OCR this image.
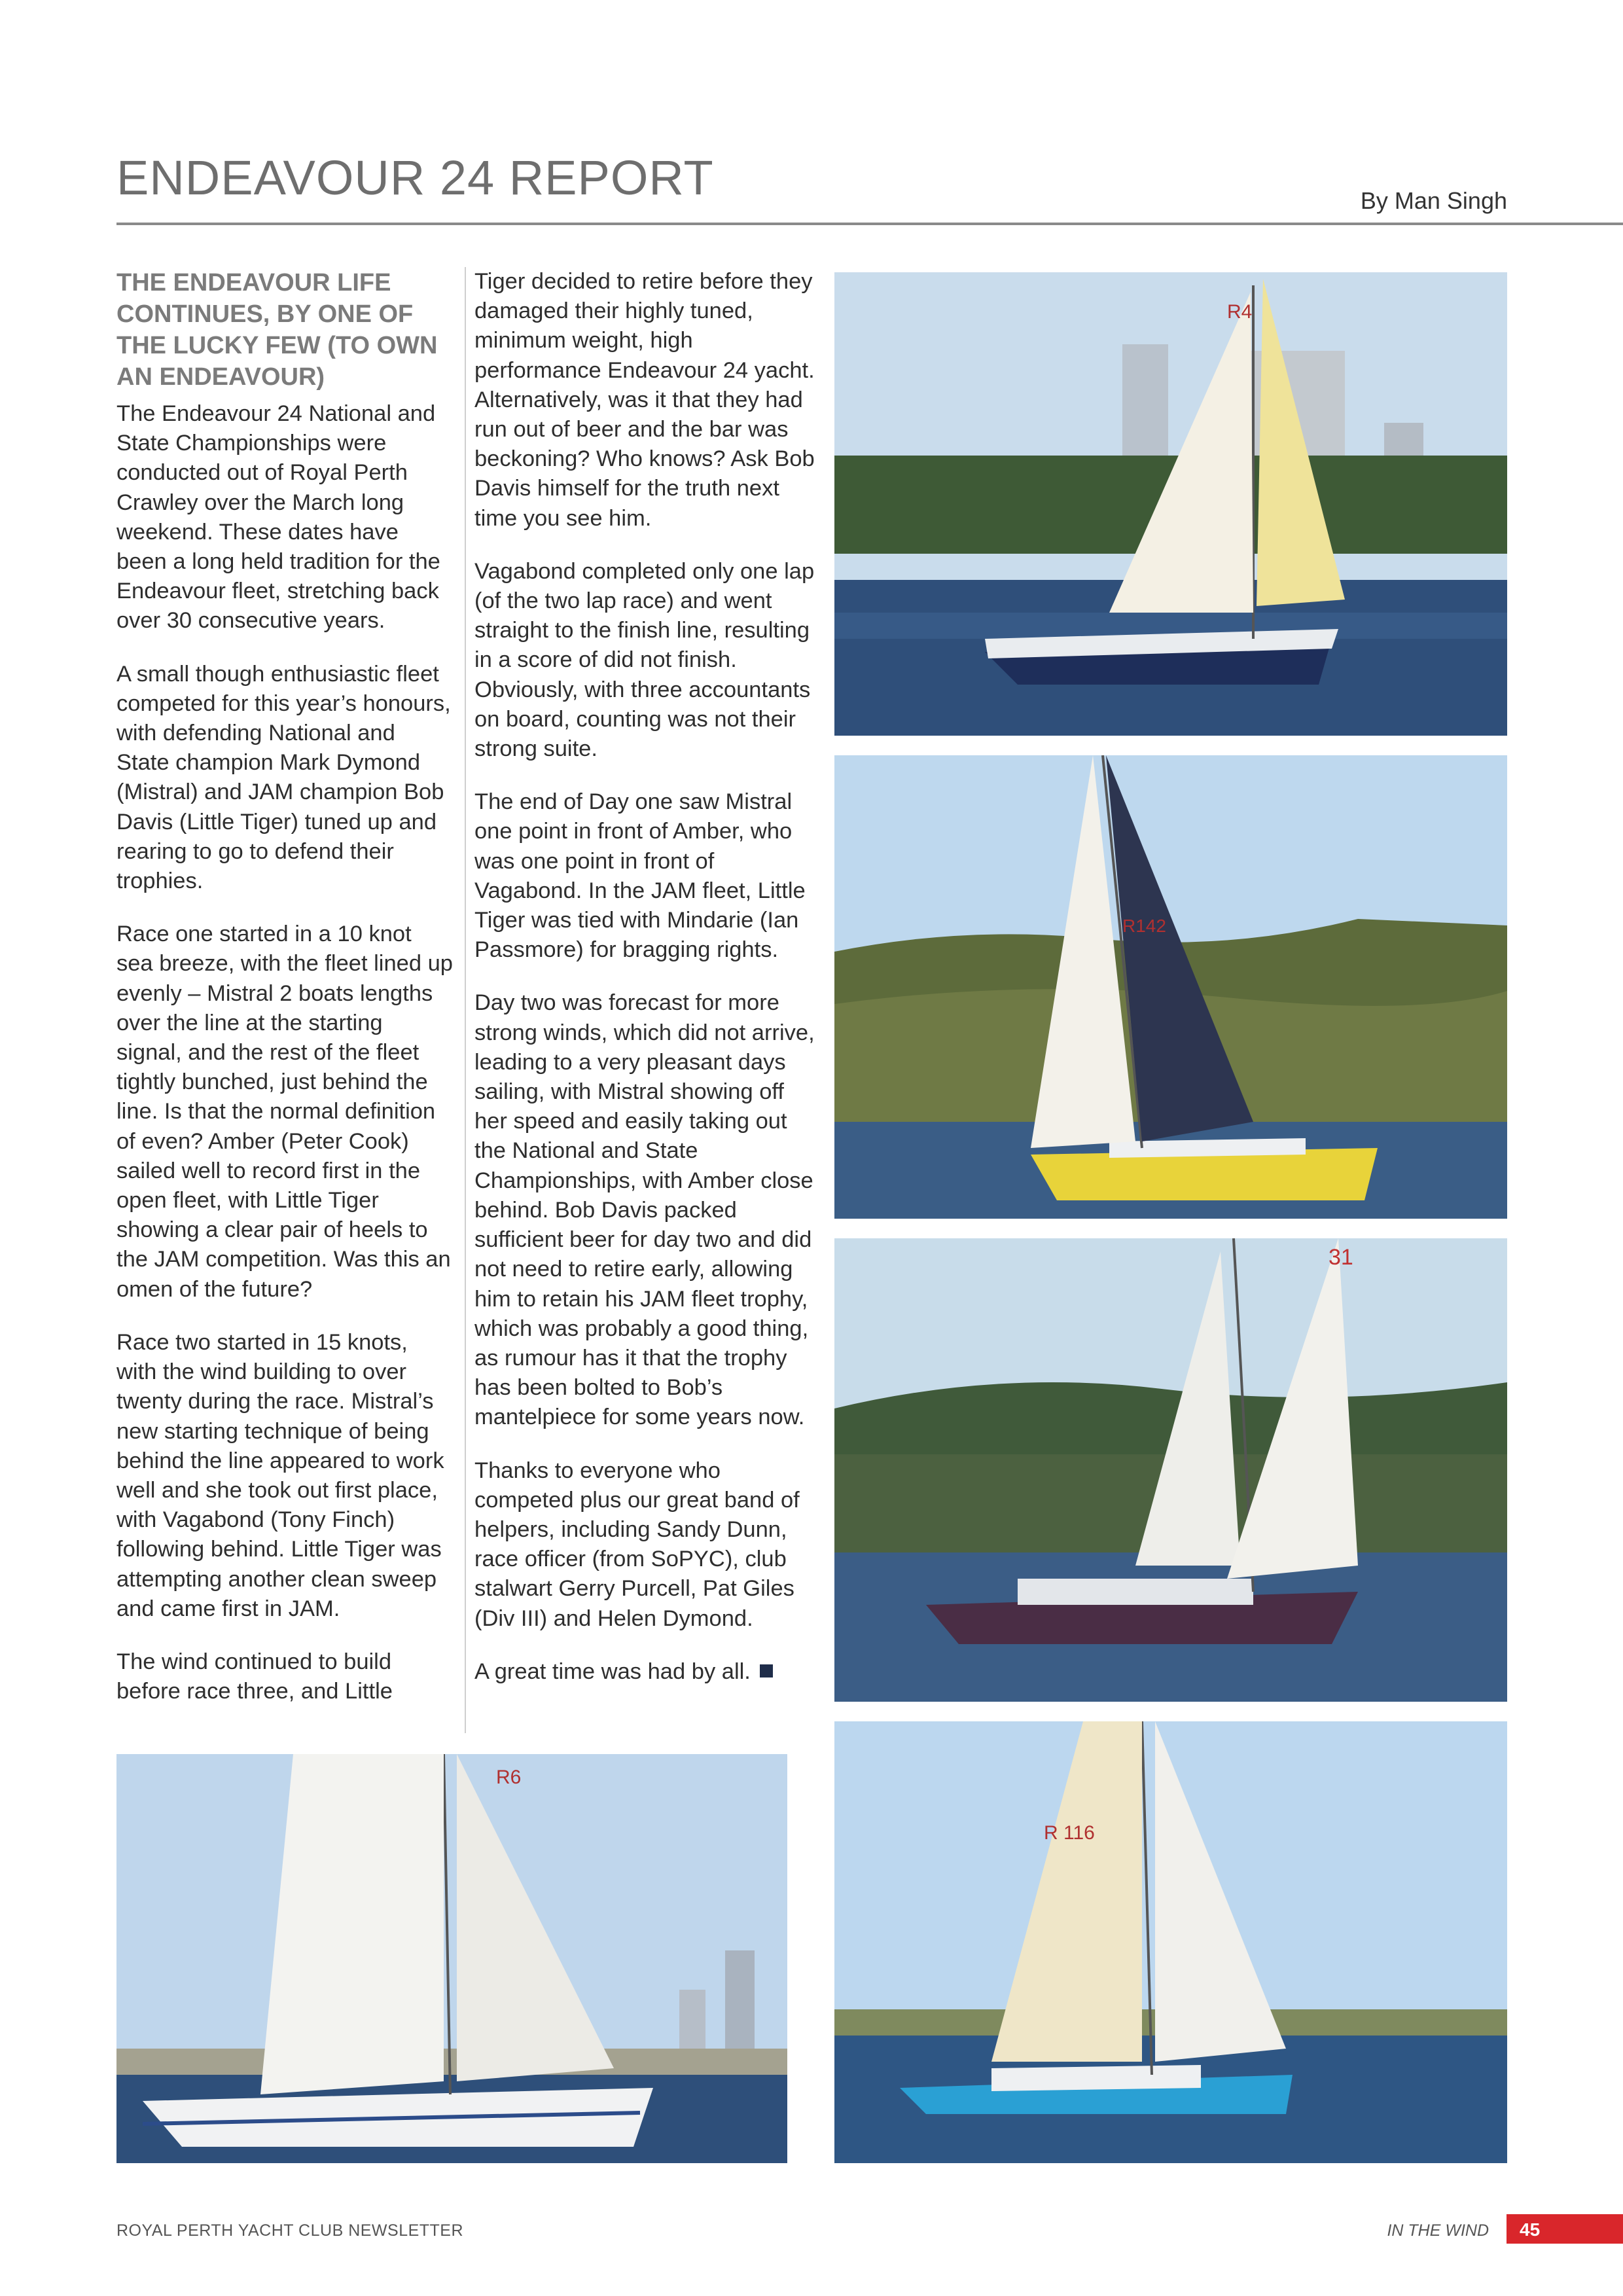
ENDEAVOUR 24 REPORT	By Man Singh
THE ENDEAVOUR LIFE CONTINUES, BY ONE OF THE LUCKY FEW (TO OWN AN ENDEAVOUR)

The Endeavour 24 National and State Championships were conducted out of Royal Perth Crawley over the March long weekend. These dates have been a long held tradition for the Endeavour fleet, stretching back over 30 consecutive years.

A small though enthusiastic fleet competed for this year’s honours, with defending National and State champion Mark Dymond (Mistral) and JAM champion Bob Davis (Little Tiger) tuned up and rearing to go to defend their trophies.

Race one started in a 10 knot sea breeze, with the fleet lined up evenly – Mistral 2 boats lengths over the line at the starting signal, and the rest of the fleet tightly bunched, just behind the line. Is that the normal definition of even? Amber (Peter Cook) sailed well to record first in the open fleet, with Little Tiger showing a clear pair of heels to the JAM competition. Was this an omen of the future?

Race two started in 15 knots, with the wind building to over twenty during the race. Mistral’s new starting technique of being behind the line appeared to work well and she took out first place, with Vagabond (Tony Finch) following behind. Little Tiger was attempting another clean sweep and came first in JAM.

The wind continued to build before race three, and Little

Tiger decided to retire before they damaged their highly tuned, minimum weight, high performance Endeavour 24 yacht. Alternatively, was it that they had run out of beer and the bar was beckoning? Who knows? Ask Bob Davis himself for the truth next time you see him.

Vagabond completed only one lap (of the two lap race) and went straight to the finish line, resulting in a score of did not finish. Obviously, with three accountants on board, counting was not their strong suite.

The end of Day one saw Mistral one point in front of Amber, who was one point in front of Vagabond. In the JAM fleet, Little Tiger was tied with Mindarie (Ian Passmore) for bragging rights.

Day two was forecast for more strong winds, which did not arrive, leading to a very pleasant days sailing, with Mistral showing off her speed and easily taking out the National and State Championships, with Amber close behind. Bob Davis packed sufficient beer for day two and did not need to retire early, allowing him to retain his JAM fleet trophy, which was probably a good thing, as rumour has it that the trophy has been bolted to Bob’s mantelpiece for some years now.

Thanks to everyone who competed plus our great band of helpers, including Sandy Dunn, race officer (from SoPYC), club stalwart Gerry Purcell, Pat Giles (Div III) and Helen Dymond.

A great time was had by all.

R4
R142
31
R6
R 116
ROYAL PERTH YACHT CLUB NEWSLETTER	IN THE WIND 45
